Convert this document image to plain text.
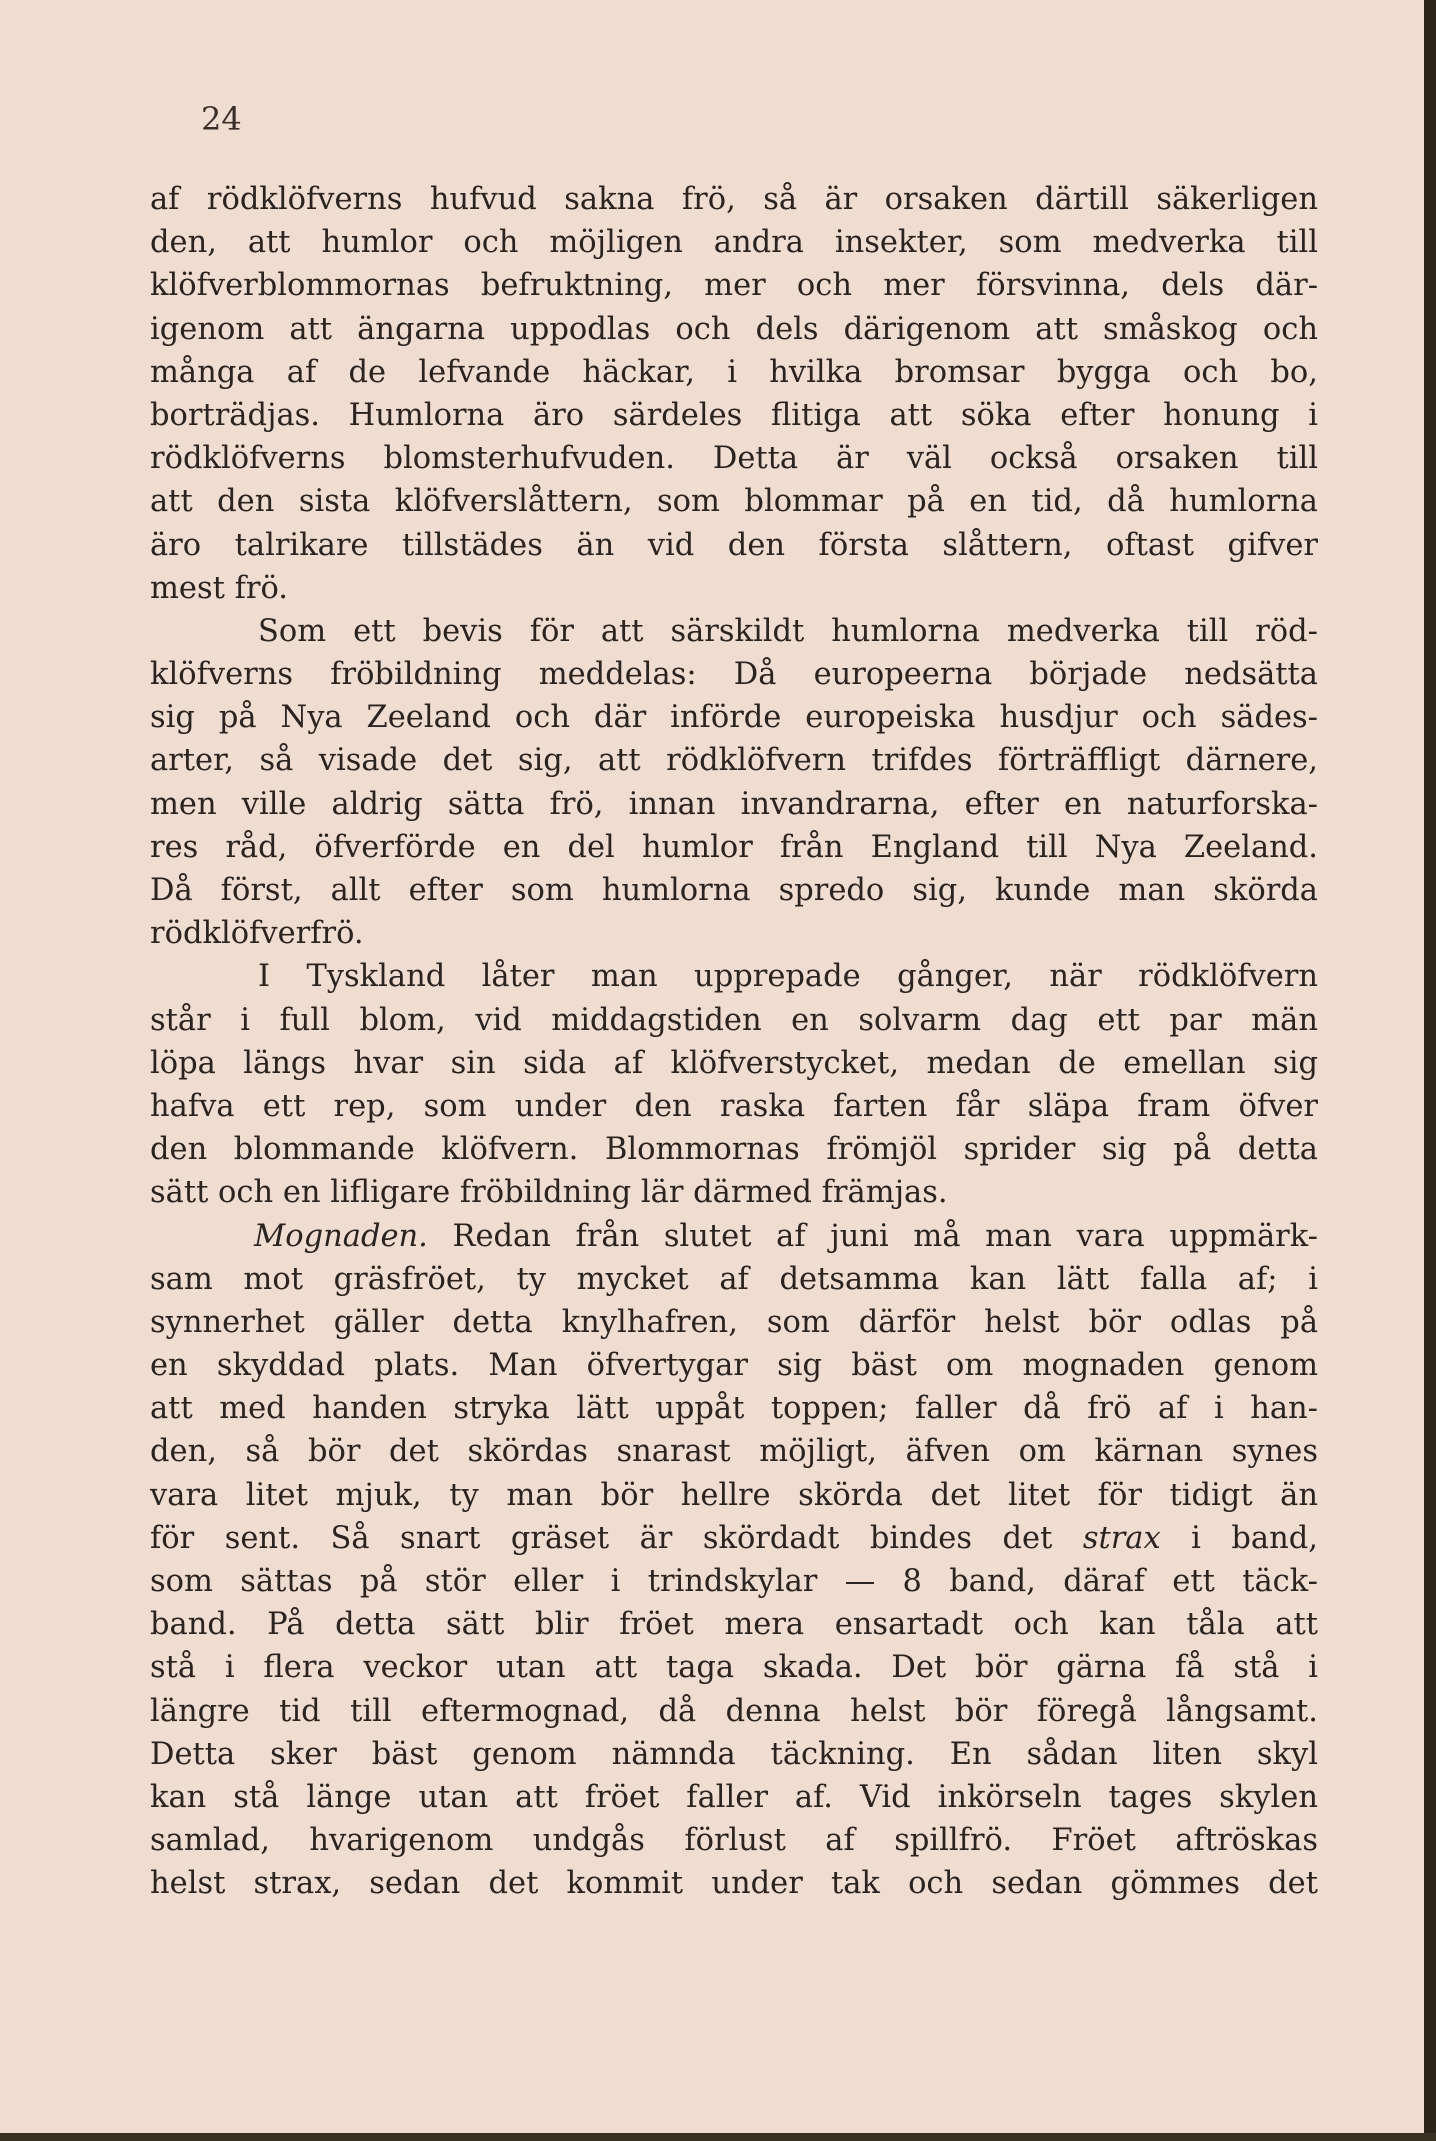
24
af rödklöfverns hufvud sakna frö, så är orsaken därtill säkerligen
den, att humlor och möjligen andra insekter, som medverka till
klöfverblommornas befruktning, mer och mer försvinna, dels där-
igenom att ängarna uppodlas och dels därigenom att småskog och
många af de lefvande häckar, i hvilka bromsar bygga och bo,
borträdjas. Humlorna äro särdeles flitiga att söka efter honung i
rödklöfverns blomsterhufvuden. Detta är väl också orsaken till
att den sista klöfverslåttern, som blommar på en tid, då humlorna
äro talrikare tillstädes än vid den första slåttern, oftast gifver
mest frö.
Som ett bevis för att särskildt humlorna medverka till röd-
klöfverns fröbildning meddelas: Då europeerna började nedsätta
sig på Nya Zeeland och där införde europeiska husdjur och sädes-
arter, så visade det sig, att rödklöfvern trifdes förträffligt därnere,
men ville aldrig sätta frö, innan invandrarna, efter en naturforska-
res råd, öfverförde en del humlor från England till Nya Zeeland.
Då först, allt efter som humlorna spredo sig, kunde man skörda
rödklöfverfrö.
I Tyskland låter man upprepade gånger, när rödklöfvern
står i full blom, vid middagstiden en solvarm dag ett par män
löpa längs hvar sin sida af klöfverstycket, medan de emellan sig
hafva ett rep, som under den raska farten får släpa fram öfver
den blommande klöfvern. Blommornas frömjöl sprider sig på detta
sätt och en lifligare fröbildning lär därmed främjas.
Mognaden. Redan från slutet af juni må man vara uppmärk-
sam mot gräsfröet, ty mycket af detsamma kan lätt falla af; i
synnerhet gäller detta knylhafren, som därför helst bör odlas på
en skyddad plats. Man öfvertygar sig bäst om mognaden genom
att med handen stryka lätt uppåt toppen; faller då frö af i han-
den, så bör det skördas snarast möjligt, äfven om kärnan synes
vara litet mjuk, ty man bör hellre skörda det litet för tidigt än
för sent. Så snart gräset är skördadt bindes det strax i band,
som sättas på stör eller i trindskylar — 8 band, däraf ett täck-
band. På detta sätt blir fröet mera ensartadt och kan tåla att
stå i flera veckor utan att taga skada. Det bör gärna få stå i
längre tid till eftermognad, då denna helst bör föregå långsamt.
Detta sker bäst genom nämnda täckning. En sådan liten skyl
kan stå länge utan att fröet faller af. Vid inkörseln tages skylen
samlad, hvarigenom undgås förlust af spillfrö. Fröet aftröskas
helst strax, sedan det kommit under tak och sedan gömmes det
